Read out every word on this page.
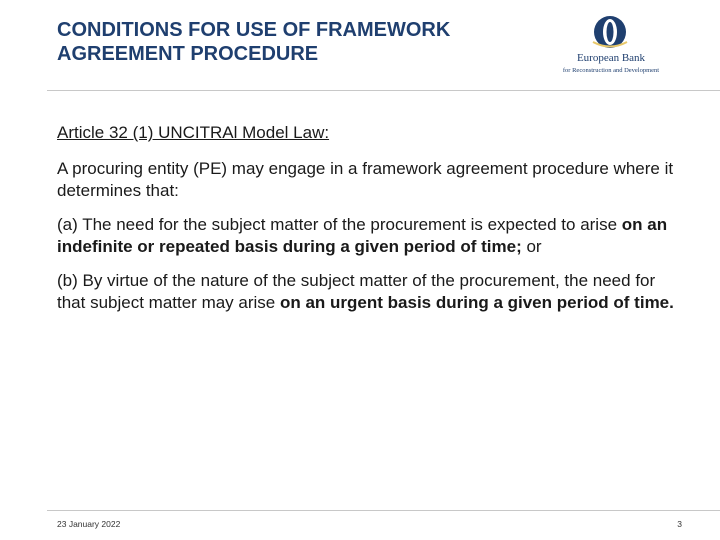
CONDITIONS FOR USE OF FRAMEWORK AGREEMENT PROCEDURE	European Bank
for Reconstruction and Development

Article 32 (1) UNCITRAl Model Law:

A procuring entity (PE) may engage in a framework agreement procedure where it determines that:

(a) The need for the subject matter of the procurement is expected to arise on an indefinite or repeated basis during a given period of time; or

(b) By virtue of the nature of the subject matter of the procurement, the need for that subject matter may arise on an urgent basis during a given period of time.

23 January 2022	3
